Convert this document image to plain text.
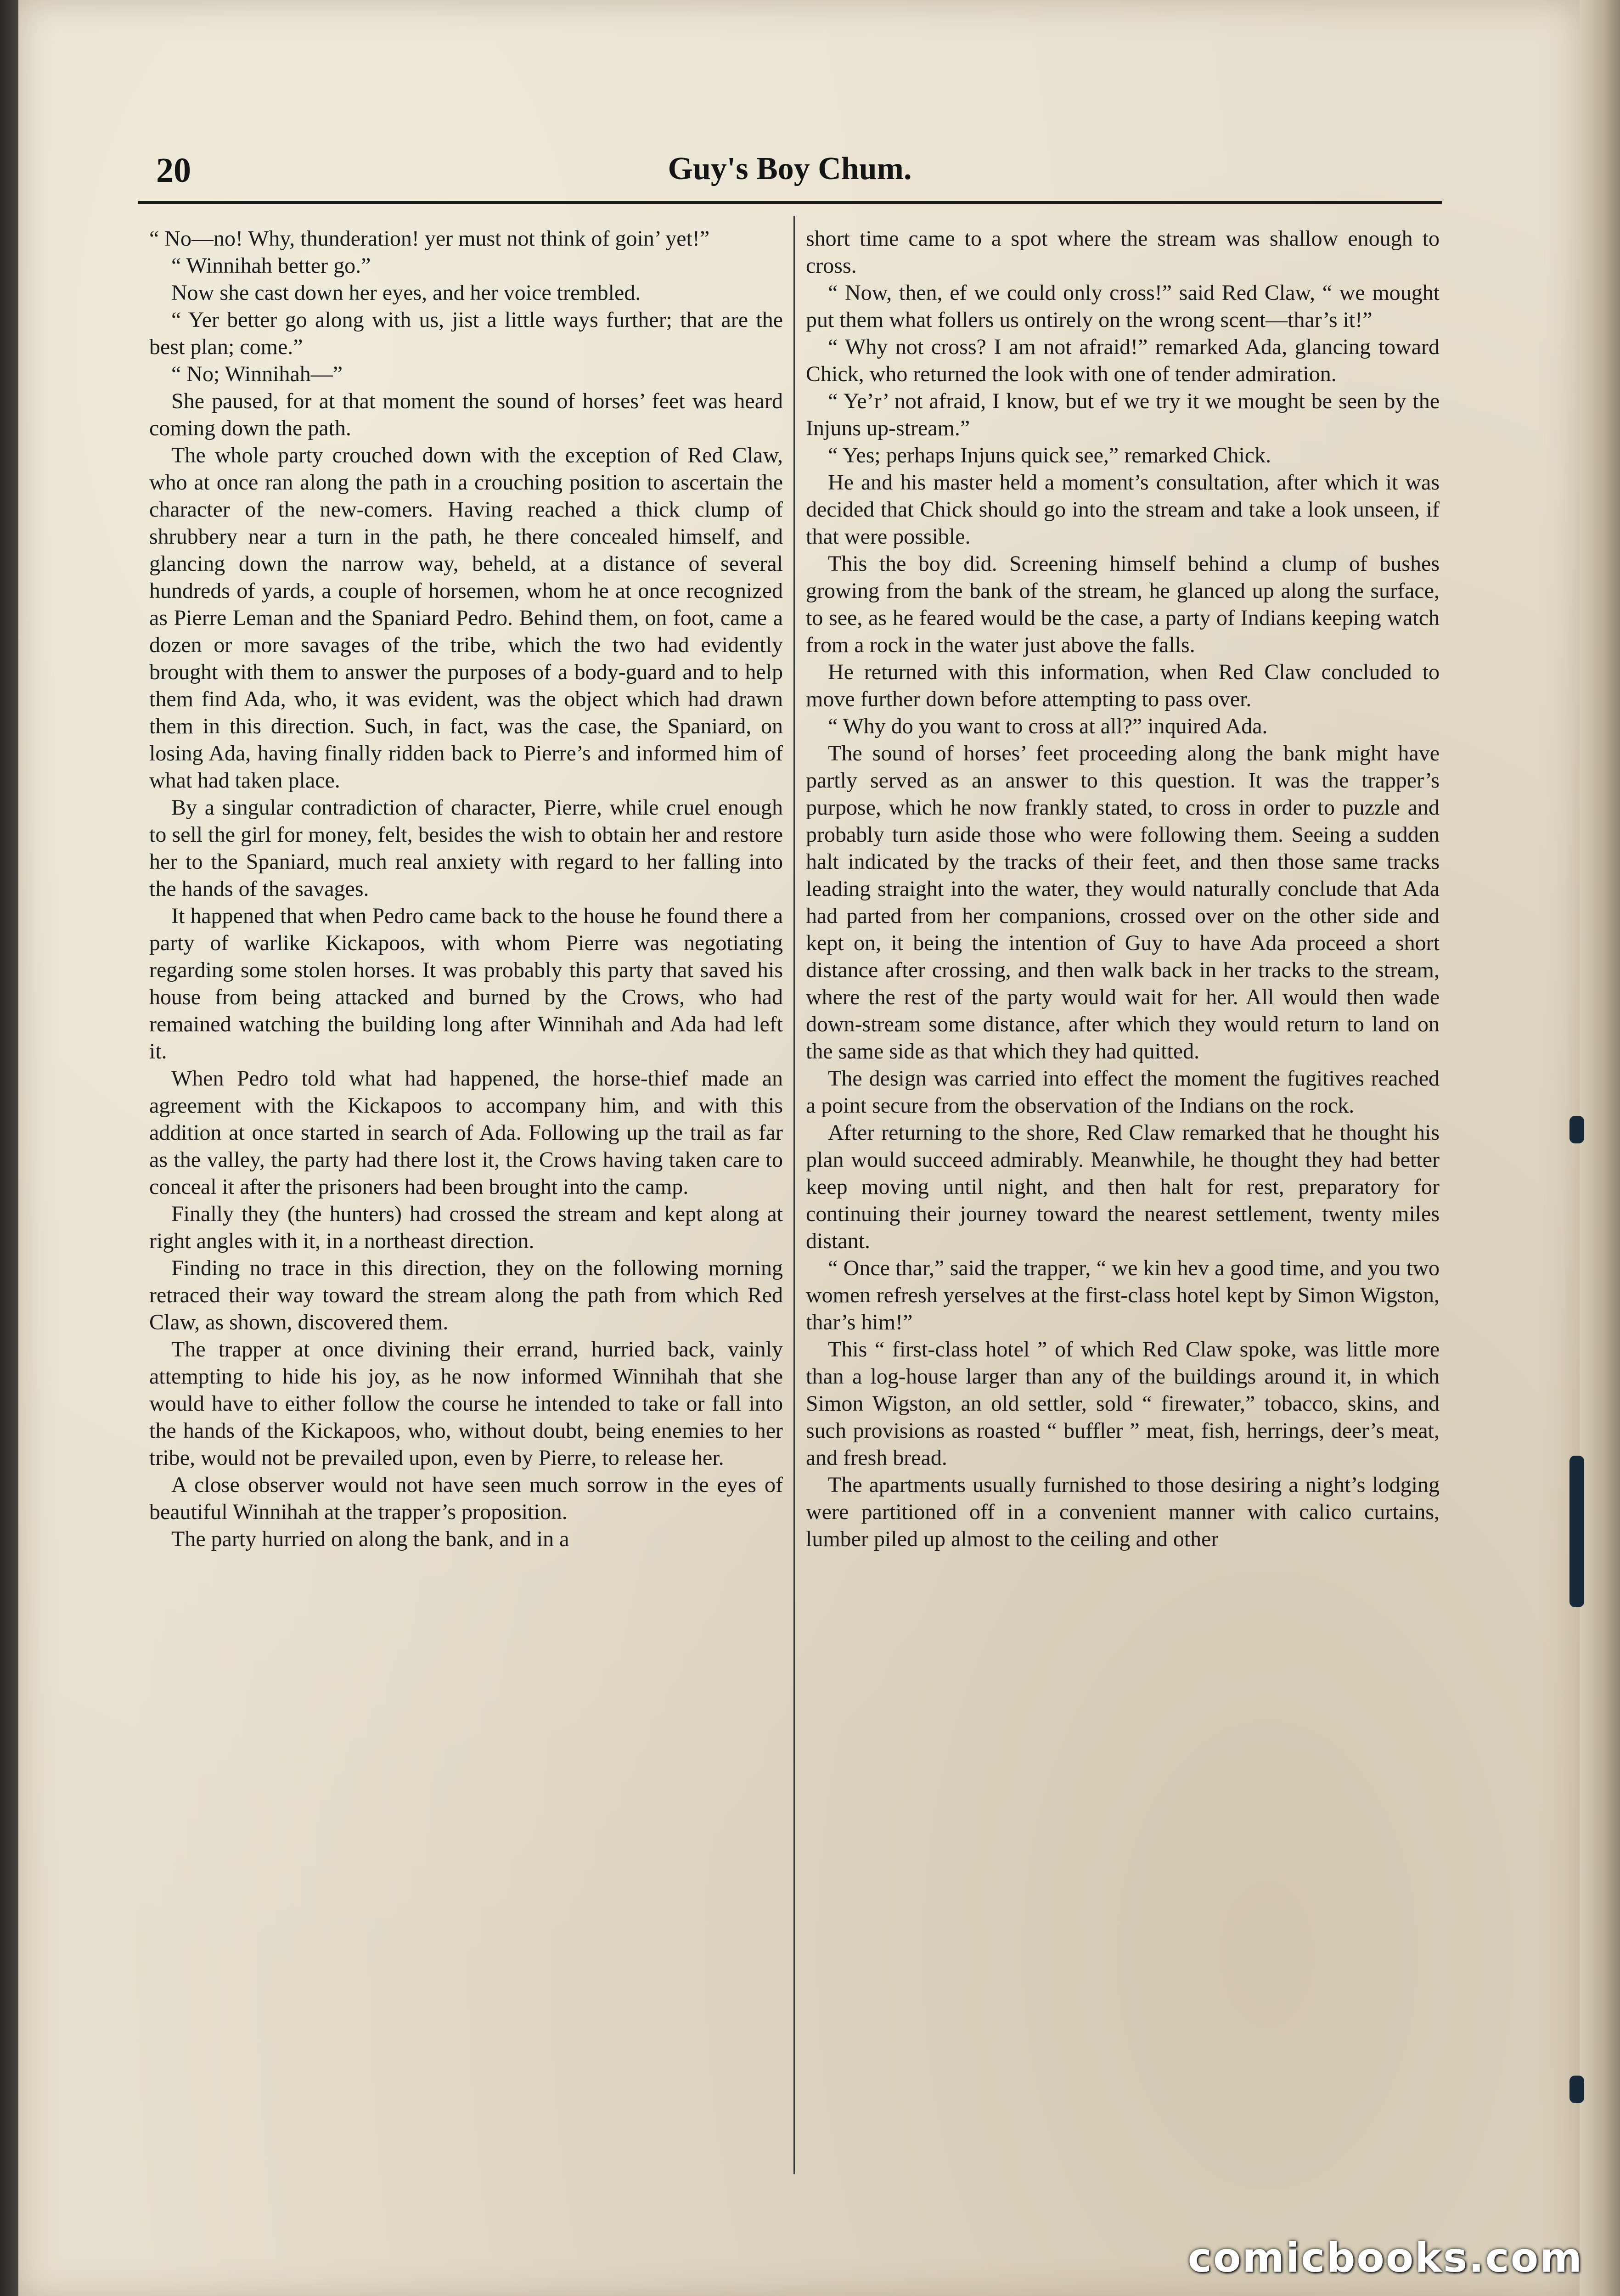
20	Guy's Boy Chum.

“ No—no! Why, thunderation! yer must not think of goin’ yet!”

“ Winnihah better go.”

Now she cast down her eyes, and her voice trembled.

“ Yer better go along with us, jist a little ways further; that are the best plan; come.”

“ No; Winnihah—”

She paused, for at that moment the sound of horses’ feet was heard coming down the path.

The whole party crouched down with the exception of Red Claw, who at once ran along the path in a crouching position to ascertain the character of the new-comers. Having reached a thick clump of shrubbery near a turn in the path, he there concealed himself, and glancing down the narrow way, beheld, at a distance of several hundreds of yards, a couple of horsemen, whom he at once recognized as Pierre Leman and the Spaniard Pedro. Behind them, on foot, came a dozen or more savages of the tribe, which the two had evidently brought with them to answer the purposes of a body-guard and to help them find Ada, who, it was evident, was the object which had drawn them in this direction. Such, in fact, was the case, the Spaniard, on losing Ada, having finally ridden back to Pierre’s and informed him of what had taken place.

By a singular contradiction of character, Pierre, while cruel enough to sell the girl for money, felt, besides the wish to obtain her and restore her to the Spaniard, much real anxiety with regard to her falling into the hands of the savages.

It happened that when Pedro came back to the house he found there a party of warlike Kickapoos, with whom Pierre was negotiating regarding some stolen horses. It was probably this party that saved his house from being attacked and burned by the Crows, who had remained watching the building long after Winnihah and Ada had left it.

When Pedro told what had happened, the horse-thief made an agreement with the Kickapoos to accompany him, and with this addition at once started in search of Ada. Following up the trail as far as the valley, the party had there lost it, the Crows having taken care to conceal it after the prisoners had been brought into the camp.

Finally they (the hunters) had crossed the stream and kept along at right angles with it, in a northeast direction.

Finding no trace in this direction, they on the following morning retraced their way toward the stream along the path from which Red Claw, as shown, discovered them.

The trapper at once divining their errand, hurried back, vainly attempting to hide his joy, as he now informed Winnihah that she would have to either follow the course he intended to take or fall into the hands of the Kickapoos, who, without doubt, being enemies to her tribe, would not be prevailed upon, even by Pierre, to release her.

A close observer would not have seen much sorrow in the eyes of beautiful Winnihah at the trapper’s proposition.

The party hurried on along the bank, and in a

short time came to a spot where the stream was shallow enough to cross.

“ Now, then, ef we could only cross!” said Red Claw, “ we mought put them what follers us ontirely on the wrong scent—thar’s it!”

“ Why not cross? I am not afraid!” remarked Ada, glancing toward Chick, who returned the look with one of tender admiration.

“ Ye’r’ not afraid, I know, but ef we try it we mought be seen by the Injuns up-stream.”

“ Yes; perhaps Injuns quick see,” remarked Chick.

He and his master held a moment’s consultation, after which it was decided that Chick should go into the stream and take a look unseen, if that were possible.

This the boy did. Screening himself behind a clump of bushes growing from the bank of the stream, he glanced up along the surface, to see, as he feared would be the case, a party of Indians keeping watch from a rock in the water just above the falls.

He returned with this information, when Red Claw concluded to move further down before attempting to pass over.

“ Why do you want to cross at all?” inquired Ada.

The sound of horses’ feet proceeding along the bank might have partly served as an answer to this question. It was the trapper’s purpose, which he now frankly stated, to cross in order to puzzle and probably turn aside those who were following them. Seeing a sudden halt indicated by the tracks of their feet, and then those same tracks leading straight into the water, they would naturally conclude that Ada had parted from her companions, crossed over on the other side and kept on, it being the intention of Guy to have Ada proceed a short distance after crossing, and then walk back in her tracks to the stream, where the rest of the party would wait for her. All would then wade down-stream some distance, after which they would return to land on the same side as that which they had quitted.

The design was carried into effect the moment the fugitives reached a point secure from the observation of the Indians on the rock.

After returning to the shore, Red Claw remarked that he thought his plan would succeed admirably. Meanwhile, he thought they had better keep moving until night, and then halt for rest, preparatory for continuing their journey toward the nearest settlement, twenty miles distant.

“ Once thar,” said the trapper, “ we kin hev a good time, and you two women refresh yerselves at the first-class hotel kept by Simon Wigston, thar’s him!”

This “ first-class hotel ” of which Red Claw spoke, was little more than a log-house larger than any of the buildings around it, in which Simon Wigston, an old settler, sold “ firewater,” tobacco, skins, and such provisions as roasted “ buffler ” meat, fish, herrings, deer’s meat, and fresh bread.

The apartments usually furnished to those desiring a night’s lodging were partitioned off in a convenient manner with calico curtains, lumber piled up almost to the ceiling and other

comicbooks.com
